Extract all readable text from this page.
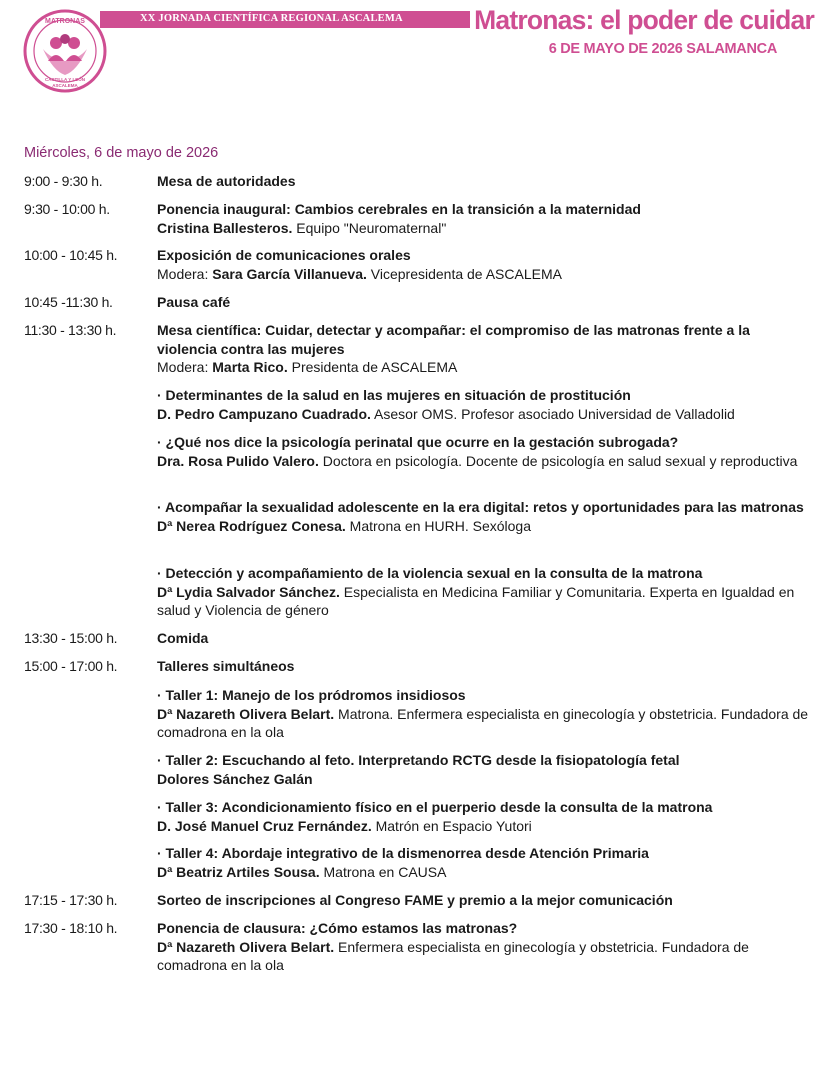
MATRONAS
CASTILLA Y LEÓN
ASCALEMA
XX JORNADA CIENTÍFICA REGIONAL ASCALEMA	Matronas: el poder de cuidar
6 DE MAYO DE 2026 SALAMANCA
Miércoles, 6 de mayo de 2026
9:00 - 9:30 h.	Mesa de autoridades
9:30 - 10:00 h.	Ponencia inaugural: Cambios cerebrales en la transición a la maternidad
Cristina Ballesteros. Equipo "Neuromaternal"
10:00 - 10:45 h.	Exposición de comunicaciones orales
Modera: Sara García Villanueva. Vicepresidenta de ASCALEMA
10:45 -11:30 h.	Pausa café
11:30 - 13:30 h.	Mesa científica: Cuidar, detectar y acompañar: el compromiso de las matronas frente a la violencia contra las mujeres
Modera: Marta Rico. Presidenta de ASCALEMA
· Determinantes de la salud en las mujeres en situación de prostitución
D. Pedro Campuzano Cuadrado. Asesor OMS. Profesor asociado Universidad de Valladolid
· ¿Qué nos dice la psicología perinatal que ocurre en la gestación subrogada?
Dra. Rosa Pulido Valero. Doctora en psicología. Docente de psicología en salud sexual y reproductiva
· Acompañar la sexualidad adolescente en la era digital: retos y oportunidades para las matronas
Dª Nerea Rodríguez Conesa. Matrona en HURH. Sexóloga
· Detección y acompañamiento de la violencia sexual en la consulta de la matrona
Dª Lydia Salvador Sánchez. Especialista en Medicina Familiar y Comunitaria. Experta en Igualdad en salud y Violencia de género
13:30 - 15:00 h.	Comida
15:00 - 17:00 h.	Talleres simultáneos
· Taller 1: Manejo de los pródromos insidiosos
Dª Nazareth Olivera Belart. Matrona. Enfermera especialista en ginecología y obstetricia. Fundadora de comadrona en la ola
· Taller 2: Escuchando al feto. Interpretando RCTG desde la fisiopatología fetal
Dolores Sánchez Galán
· Taller 3: Acondicionamiento físico en el puerperio desde la consulta de la matrona
D. José Manuel Cruz Fernández. Matrón en Espacio Yutori
· Taller 4: Abordaje integrativo de la dismenorrea desde Atención Primaria
Dª Beatriz Artiles Sousa. Matrona en CAUSA
17:15 - 17:30 h.	Sorteo de inscripciones al Congreso FAME y premio a la mejor comunicación
17:30 - 18:10 h.	Ponencia de clausura: ¿Cómo estamos las matronas?
Dª Nazareth Olivera Belart. Enfermera especialista en ginecología y obstetricia. Fundadora de comadrona en la ola
